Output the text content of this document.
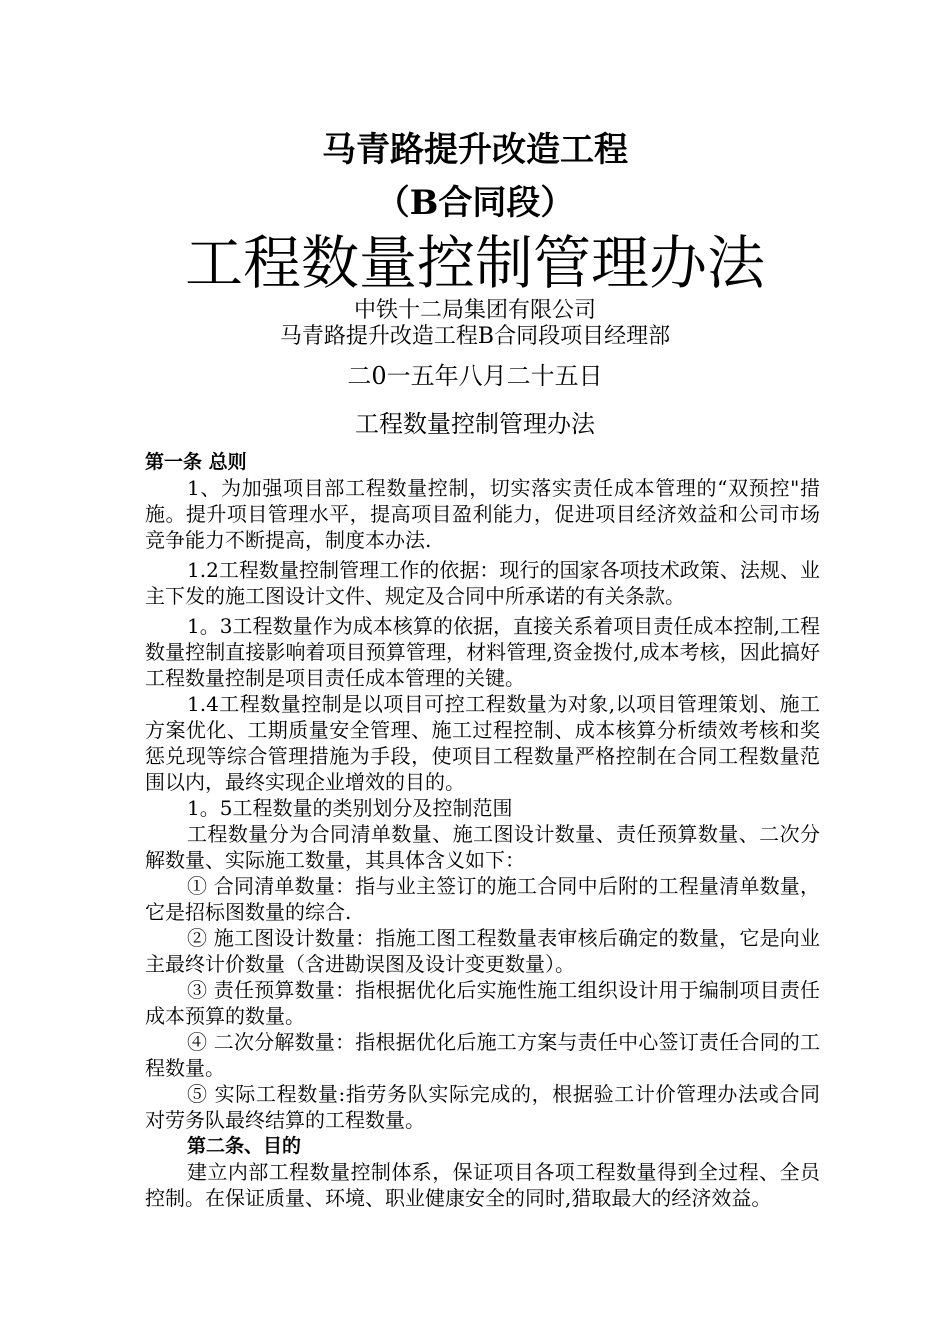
马青路提升改造工程
（B合同段）
工程数量控制管理办法
中铁十二局集团有限公司
马青路提升改造工程B合同段项目经理部
二0一五年八月二十五日
工程数量控制管理办法

第一条 总则

1、为加强项目部工程数量控制，切实落实责任成本管理的“双预控"措施。提升项目管理水平，提高项目盈利能力，促进项目经济效益和公司市场竞争能力不断提高，制度本办法.

1.2工程数量控制管理工作的依据：现行的国家各项技术政策、法规、业主下发的施工图设计文件、规定及合同中所承诺的有关条款。

1。3工程数量作为成本核算的依据，直接关系着项目责任成本控制,工程数量控制直接影响着项目预算管理，材料管理,资金拨付,成本考核，因此搞好工程数量控制是项目责任成本管理的关键。

1.4工程数量控制是以项目可控工程数量为对象,以项目管理策划、施工方案优化、工期质量安全管理、施工过程控制、成本核算分析绩效考核和奖惩兑现等综合管理措施为手段，使项目工程数量严格控制在合同工程数量范围以内，最终实现企业增效的目的。

1。5工程数量的类别划分及控制范围

工程数量分为合同清单数量、施工图设计数量、责任预算数量、二次分解数量、实际施工数量，其具体含义如下：

① 合同清单数量：指与业主签订的施工合同中后附的工程量清单数量，它是招标图数量的综合.

② 施工图设计数量：指施工图工程数量表审核后确定的数量，它是向业主最终计价数量（含进勘误图及设计变更数量）。

③ 责任预算数量：指根据优化后实施性施工组织设计用于编制项目责任成本预算的数量。

④ 二次分解数量：指根据优化后施工方案与责任中心签订责任合同的工程数量。

⑤ 实际工程数量:指劳务队实际完成的，根据验工计价管理办法或合同对劳务队最终结算的工程数量。

第二条、目的

建立内部工程数量控制体系，保证项目各项工程数量得到全过程、全员控制。在保证质量、环境、职业健康安全的同时,猎取最大的经济效益。
